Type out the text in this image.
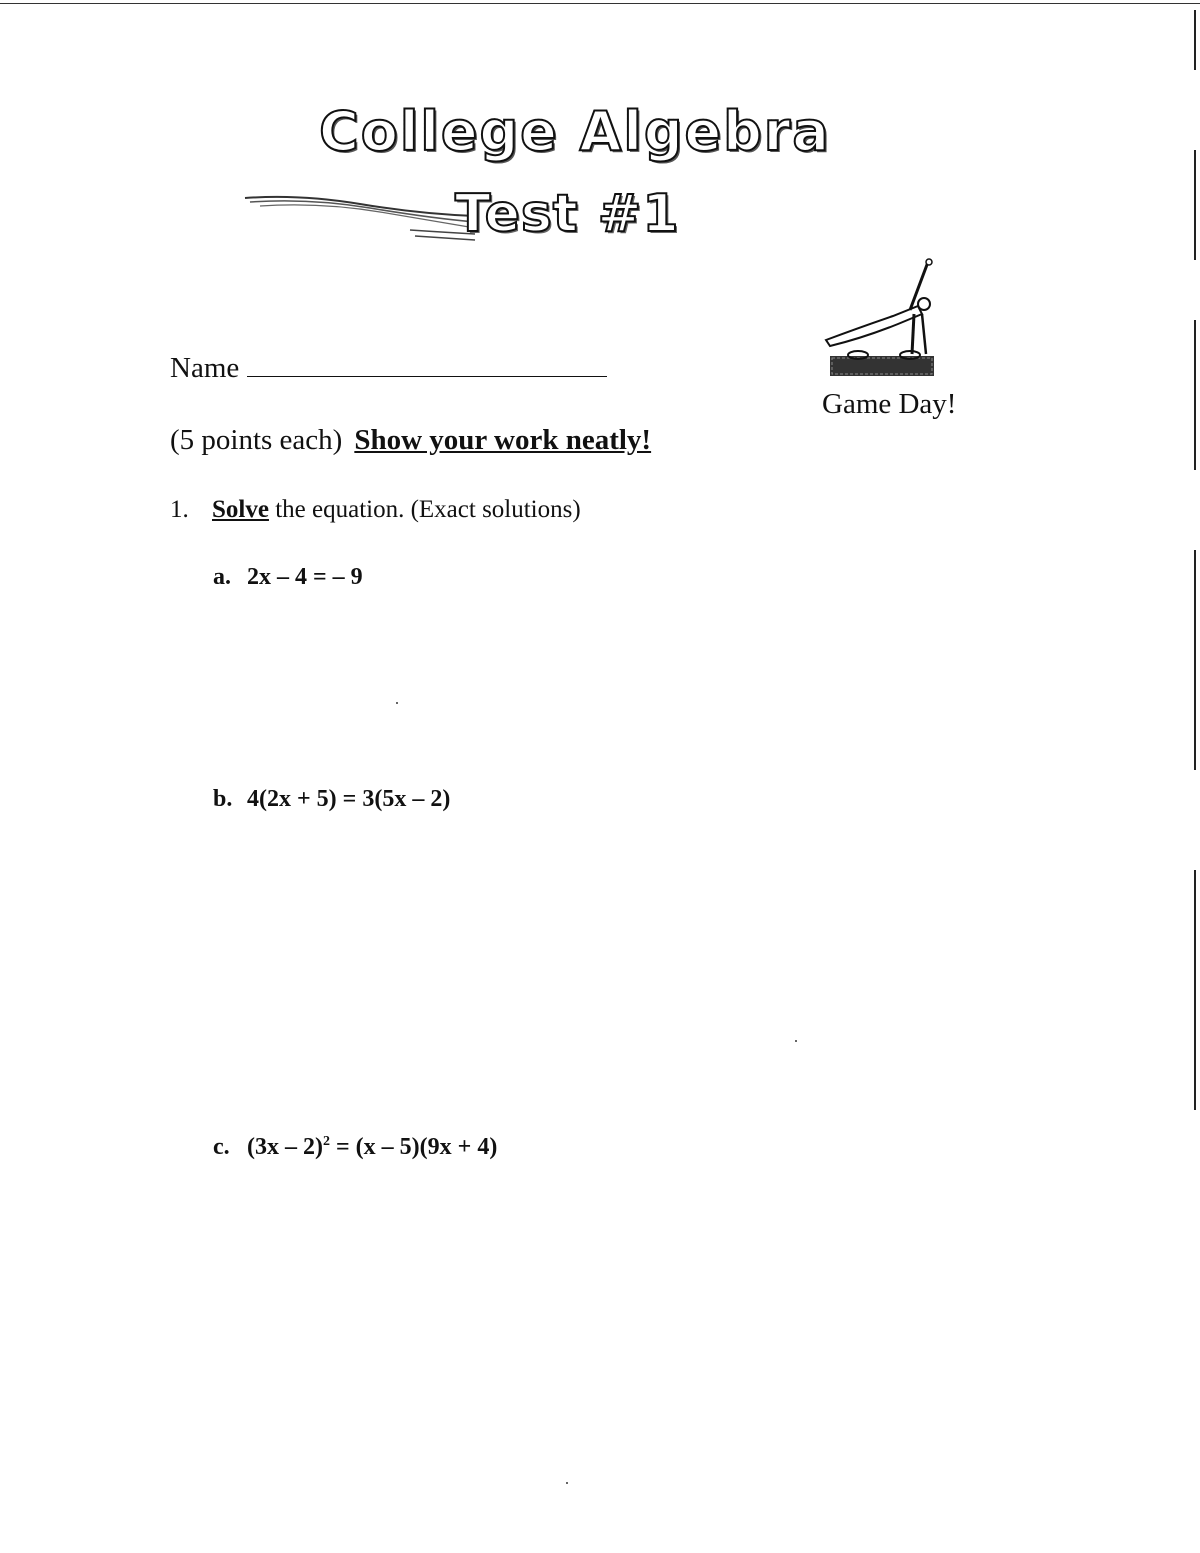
College Algebra
Test #1
Name
Game Day!
(5 points each) Show your work neatly!
1. Solve the equation. (Exact solutions)
a. 2x – 4 = – 9
b. 4(2x + 5) = 3(5x – 2)
c. (3x – 2)$^2$ = (x – 5)(9x + 4)
